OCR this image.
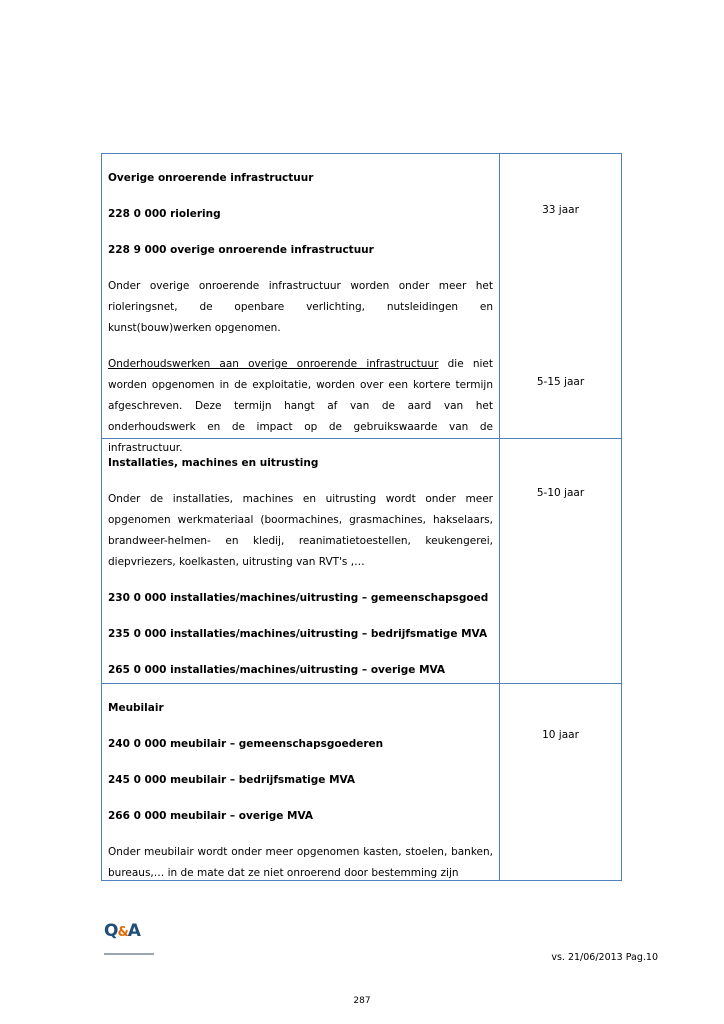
Overige onroerende infrastructuur

228 0 000 riolering

228 9 000 overige onroerende infrastructuur

Onder overige onroerende infrastructuur worden onder meer het rioleringsnet, de openbare verlichting, nutsleidingen en kunst(bouw)werken opgenomen.

Onderhoudswerken aan overige onroerende infrastructuur die niet worden opgenomen in de exploitatie, worden over een kortere termijn afgeschreven. Deze termijn hangt af van de aard van het onderhoudswerk en de impact op de gebruikswaarde van de infrastructuur.

33 jaar
5-15 jaar

Installaties, machines en uitrusting

Onder de installaties, machines en uitrusting wordt onder meer opgenomen werkmateriaal (boormachines, grasmachines, hakselaars, brandweer-helmen- en kledij, reanimatietoestellen, keukengerei, diepvriezers, koelkasten, uitrusting van RVT's ,…

230 0 000 installaties/machines/uitrusting – gemeenschapsgoed

235 0 000 installaties/machines/uitrusting – bedrijfsmatige MVA

265 0 000 installaties/machines/uitrusting – overige MVA

5-10 jaar

Meubilair

240 0 000 meubilair – gemeenschapsgoederen

245 0 000 meubilair – bedrijfsmatige MVA

266 0 000 meubilair – overige MVA

Onder meubilair wordt onder meer opgenomen kasten, stoelen, banken, bureaus,… in de mate dat ze niet onroerend door bestemming zijn

10 jaar
Q&A
vs. 21/06/2013 Pag.10
287
